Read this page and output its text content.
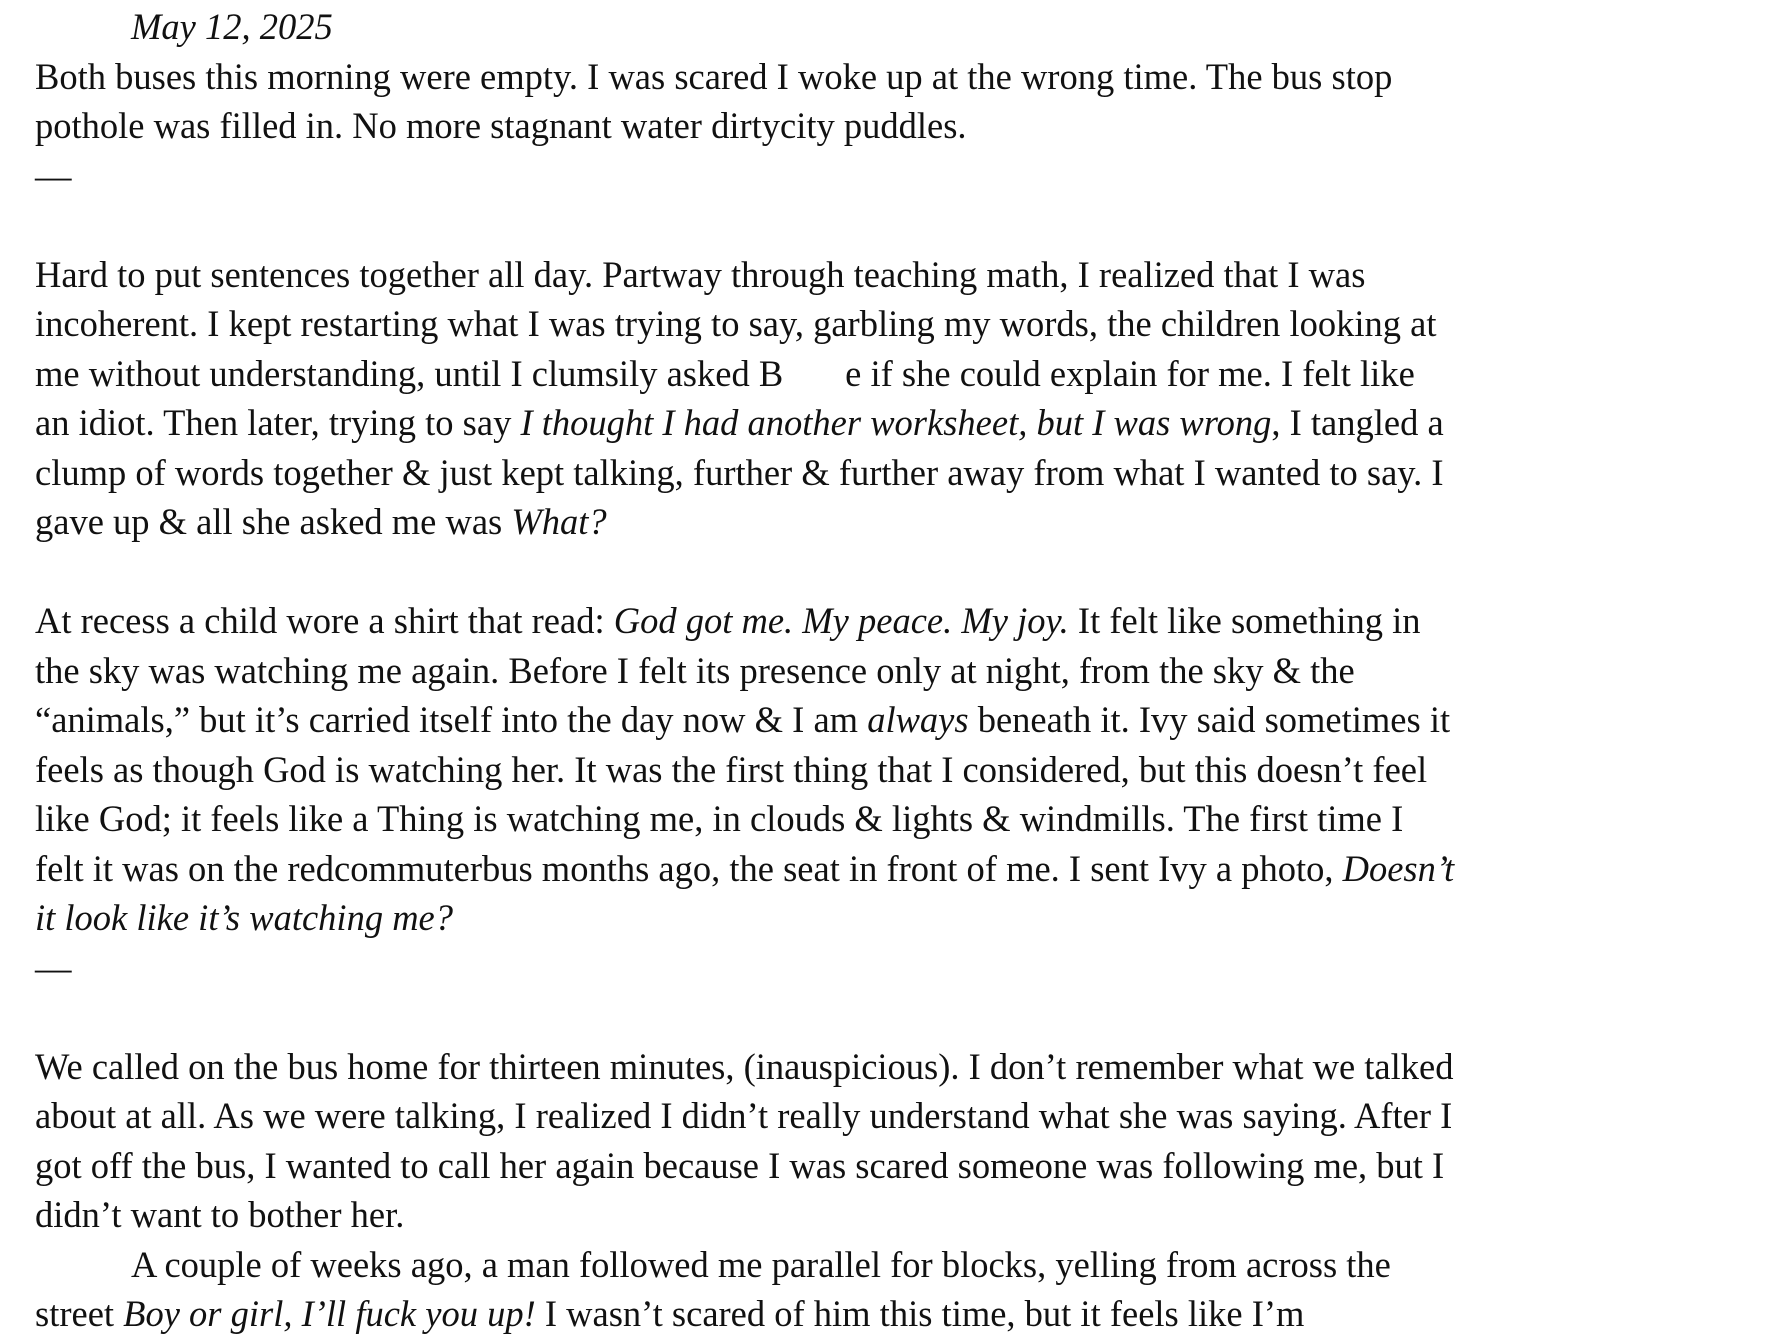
May 12, 2025

Both buses this morning were empty. I was scared I woke up at the wrong time. The bus stop pothole was filled in. No more stagnant water dirtycity puddles.

—

Hard to put sentences together all day. Partway through teaching math, I realized that I was incoherent. I kept restarting what I was trying to say, garbling my words, the children looking at me without understanding, until I clumsily asked B e if she could explain for me. I felt like an idiot. Then later, trying to say I thought I had another worksheet, but I was wrong, I tangled a clump of words together & just kept talking, further & further away from what I wanted to say. I gave up & all she asked me was What?

At recess a child wore a shirt that read: God got me. My peace. My joy. It felt like something in the sky was watching me again. Before I felt its presence only at night, from the sky & the “animals,” but it’s carried itself into the day now & I am always beneath it. Ivy said sometimes it feels as though God is watching her. It was the first thing that I considered, but this doesn’t feel like God; it feels like a Thing is watching me, in clouds & lights & windmills. The first time I felt it was on the redcommuterbus months ago, the seat in front of me. I sent Ivy a photo, Doesn’t it look like it’s watching me?

—

We called on the bus home for thirteen minutes, (inauspicious). I don’t remember what we talked about at all. As we were talking, I realized I didn’t really understand what she was saying. After I got off the bus, I wanted to call her again because I was scared someone was following me, but I didn’t want to bother her.

A couple of weeks ago, a man followed me parallel for blocks, yelling from across the street Boy or girl, I’ll fuck you up! I wasn’t scared of him this time, but it feels like I’m
